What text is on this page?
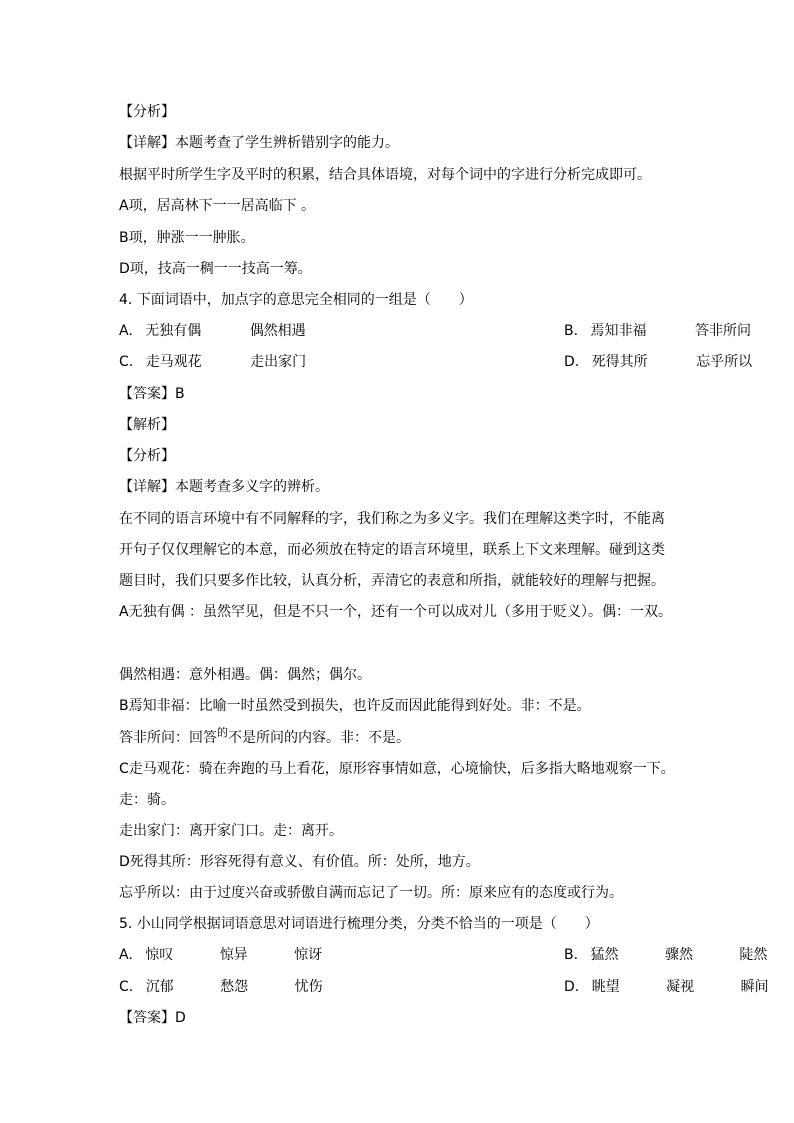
【分析】
【详解】本题考查了学生辨析错别字的能力。
根据平时所学生字及平时的积累，结合具体语境，对每个词中的字进行分析完成即可。
A项，居高林下一一居高临下 。
B项，肿涨一一肿胀。
D项，技高一稠一一技高一筹。
4. 下面词语中，加点字的意思完全相同的一组是（　　）
A. 无独有偶	偶然相遇	B. 焉知非福	答非所问
C. 走马观花	走出家门	D. 死得其所	忘乎所以
【答案】B
【解析】
【分析】
【详解】本题考查多义字的辨析。
在不同的语言环境中有不同解释的字，我们称之为多义字。我们在理解这类字时，不能离
开句子仅仅理解它的本意，而必须放在特定的语言环境里，联系上下文来理解。碰到这类
题目时，我们只要多作比较，认真分析，弄清它的表意和所指，就能较好的理解与把握。
A无独有偶 ：虽然罕见，但是不只一个，还有一个可以成对儿（多用于贬义）。偶：一双。
偶然相遇：意外相遇。偶：偶然；偶尔。
B焉知非福：比喻一时虽然受到损失，也许反而因此能得到好处。非：不是。
答非所问：回答$^的$不是所问的内容。非：不是。
C走马观花：骑在奔跑的马上看花，原形容事情如意，心境愉快，后多指大略地观察一下。
走：骑。
走出家门：离开家门口。走：离开。
D死得其所：形容死得有意义、有价值。所：处所，地方。
忘乎所以：由于过度兴奋或骄傲自满而忘记了一切。所：原来应有的态度或行为。
5. 小山同学根据词语意思对词语进行梳理分类，分类不恰当的一项是（　　）
A. 惊叹	惊异	惊讶	B. 猛然	骤然	陡然
C. 沉郁	愁怨	忧伤	D. 眺望	凝视	瞬间
【答案】D
